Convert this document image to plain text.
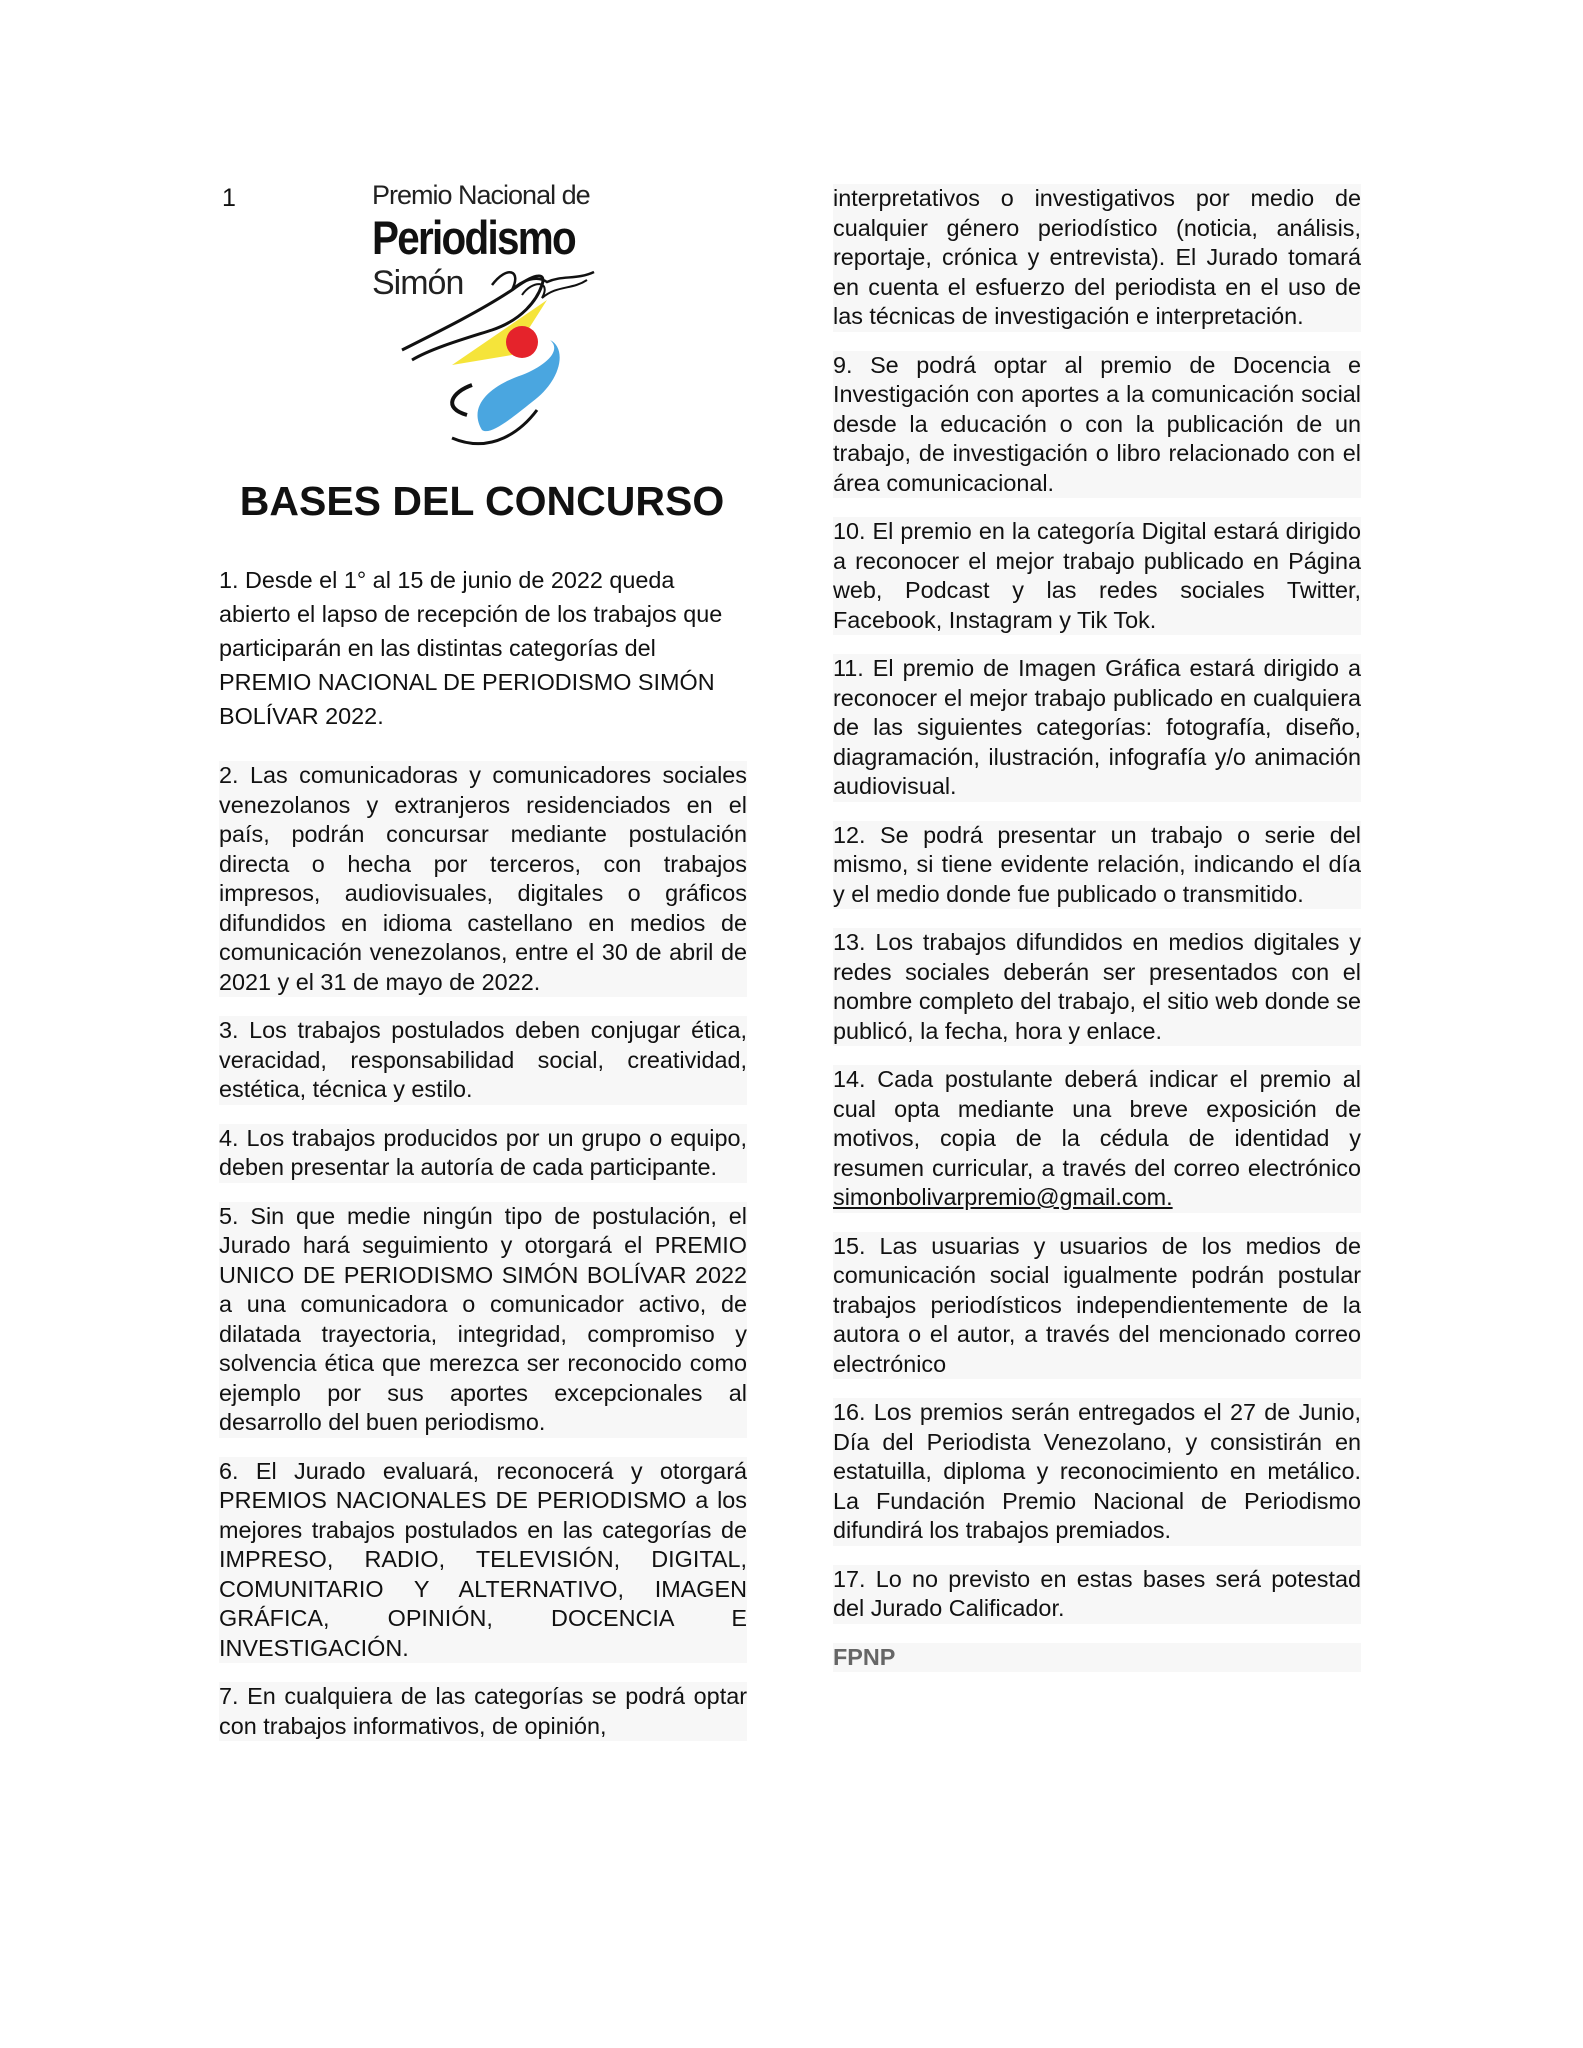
1	Premio Nacional de
Periodismo
Simón
BASES DEL CONCURSO

1. Desde el 1° al 15 de junio de 2022 queda abierto el lapso de recepción de los trabajos que participarán en las distintas categorías del PREMIO NACIONAL DE PERIODISMO SIMÓN BOLÍVAR 2022.

2. Las comunicadoras y comunicadores sociales venezolanos y extranjeros residenciados en el país, podrán concursar mediante postulación directa o hecha por terceros, con trabajos impresos, audiovisuales, digitales o gráficos difundidos en idioma castellano en medios de comunicación venezolanos, entre el 30 de abril de 2021 y el 31 de mayo de 2022.

3. Los trabajos postulados deben conjugar ética, veracidad, responsabilidad social, creatividad, estética, técnica y estilo.

4. Los trabajos producidos por un grupo o equipo, deben presentar la autoría de cada participante.

5. Sin que medie ningún tipo de postulación, el Jurado hará seguimiento y otorgará el PREMIO UNICO DE PERIODISMO SIMÓN BOLÍVAR 2022 a una comunicadora o comunicador activo, de dilatada trayectoria, integridad, compromiso y solvencia ética que merezca ser reconocido como ejemplo por sus aportes excepcionales al desarrollo del buen periodismo.

6. El Jurado evaluará, reconocerá y otorgará PREMIOS NACIONALES DE PERIODISMO a los mejores trabajos postulados en las categorías de IMPRESO, RADIO, TELEVISIÓN, DIGITAL, COMUNITARIO Y ALTERNATIVO, IMAGEN GRÁFICA, OPINIÓN, DOCENCIA E INVESTIGACIÓN.

7. En cualquiera de las categorías se podrá optar con trabajos informativos, de opinión,

interpretativos o investigativos por medio de cualquier género periodístico (noticia, análisis, reportaje, crónica y entrevista). El Jurado tomará en cuenta el esfuerzo del periodista en el uso de las técnicas de investigación e interpretación.

9. Se podrá optar al premio de Docencia e Investigación con aportes a la comunicación social desde la educación o con la publicación de un trabajo, de investigación o libro relacionado con el área comunicacional.

10. El premio en la categoría Digital estará dirigido a reconocer el mejor trabajo publicado en Página web, Podcast y las redes sociales Twitter, Facebook, Instagram y Tik Tok.

11. El premio de Imagen Gráfica estará dirigido a reconocer el mejor trabajo publicado en cualquiera de las siguientes categorías: fotografía, diseño, diagramación, ilustración, infografía y/o animación audiovisual.

12. Se podrá presentar un trabajo o serie del mismo, si tiene evidente relación, indicando el día y el medio donde fue publicado o transmitido.

13. Los trabajos difundidos en medios digitales y redes sociales deberán ser presentados con el nombre completo del trabajo, el sitio web donde se publicó, la fecha, hora y enlace.

14. Cada postulante deberá indicar el premio al cual opta mediante una breve exposición de motivos, copia de la cédula de identidad y resumen curricular, a través del correo electrónico simonbolivarpremio@gmail.com.

15. Las usuarias y usuarios de los medios de comunicación social igualmente podrán postular trabajos periodísticos independientemente de la autora o el autor, a través del mencionado correo electrónico

16. Los premios serán entregados el 27 de Junio, Día del Periodista Venezolano, y consistirán en estatuilla, diploma y reconocimiento en metálico. La Fundación Premio Nacional de Periodismo difundirá los trabajos premiados.

17. Lo no previsto en estas bases será potestad del Jurado Calificador.

FPNP
